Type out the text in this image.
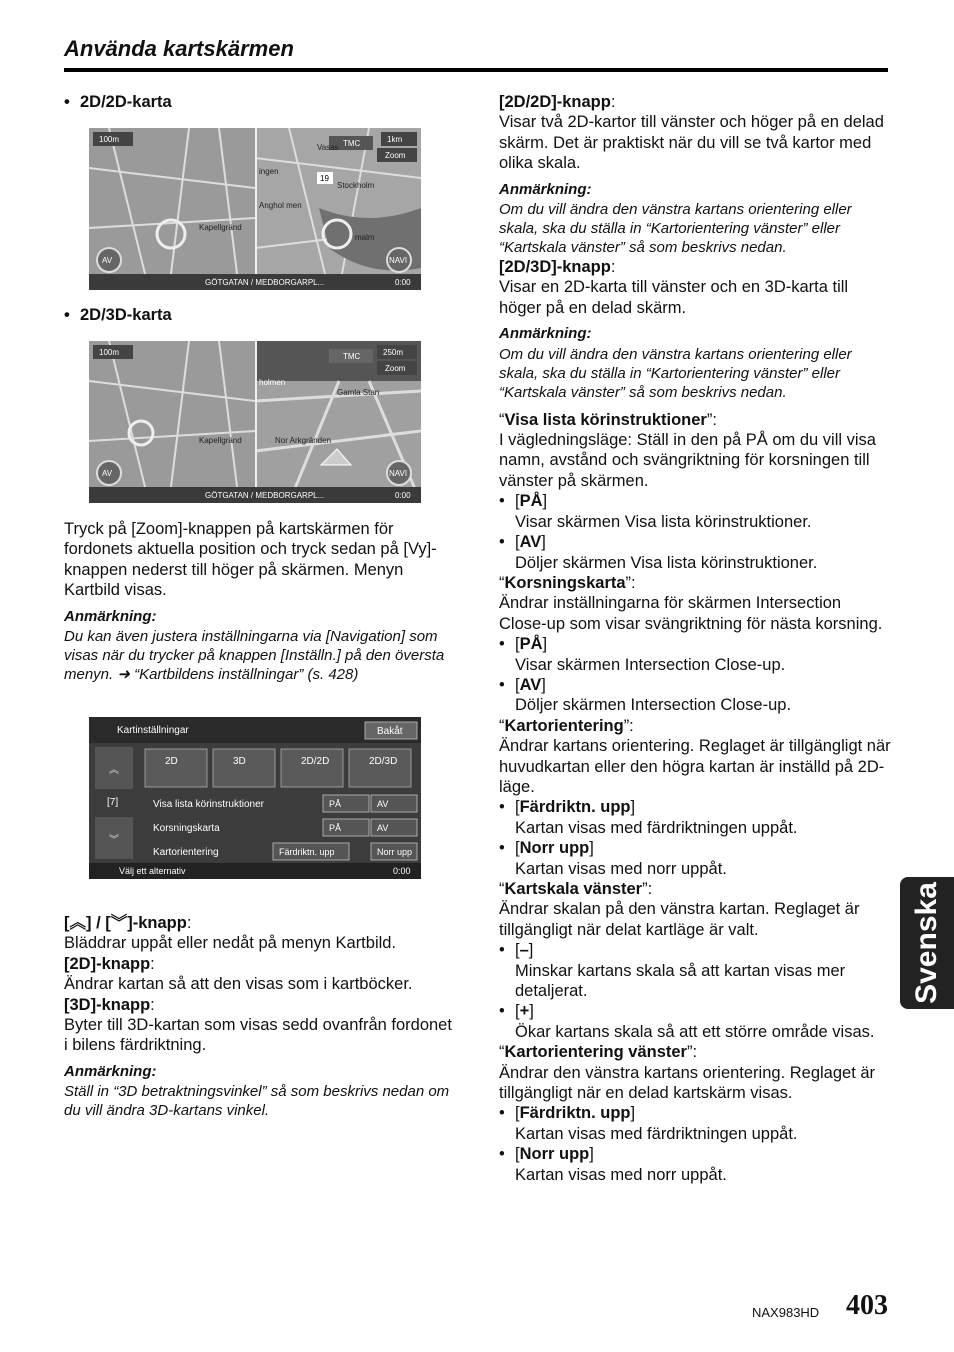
Använda kartskärmen

• 2D/2D-karta

100m	1km
TMC
Zoom
Vasas
ingen
19
Stockholm
Anghol men
Kapellgränd
malm
AV	NAVI
GÖTGATAN / MEDBORGARPL...	0:00

• 2D/3D-karta

100m	250m
TMC
Zoom
holmen
Gamla Stan
Kapellgränd	Nor Arkgränden
AV	NAVI
GÖTGATAN / MEDBORGARPL...	0:00

Tryck på [Zoom]-knappen på kartskärmen för fordonets aktuella position och tryck sedan på [Vy]-knappen nederst till höger på skärmen. Menyn Kartbild visas.

Anmärkning:

Du kan även justera inställningarna via [Navigation] som visas när du trycker på knappen [Inställn.] på den översta menyn. ➜ “Kartbildens inställningar” (s. 428)

Kartinställningar	Bakåt
︽
[7]
︾
2D	3D	2D/2D	2D/3D
Visa lista körinstruktioner	PÅ	AV
Korsningskarta	PÅ	AV
Kartorientering	Färdriktn. upp	Norr upp
Välj ett alternativ	0:00

[︽] / [︾]-knapp:

Bläddrar uppåt eller nedåt på menyn Kartbild.

[2D]-knapp:

Ändrar kartan så att den visas som i kartböcker.

[3D]-knapp:

Byter till 3D-kartan som visas sedd ovanfrån fordonet i bilens färdriktning.

Anmärkning:

Ställ in “3D betraktningsvinkel” så som beskrivs nedan om du vill ändra 3D-kartans vinkel.

[2D/2D]-knapp:

Visar två 2D-kartor till vänster och höger på en delad skärm. Det är praktiskt när du vill se två kartor med olika skala.

Anmärkning:

Om du vill ändra den vänstra kartans orientering eller skala, ska du ställa in “Kartorientering vänster” eller “Kartskala vänster” så som beskrivs nedan.

[2D/3D]-knapp:

Visar en 2D-karta till vänster och en 3D-karta till höger på en delad skärm.

Anmärkning:

Om du vill ändra den vänstra kartans orientering eller skala, ska du ställa in “Kartorientering vänster” eller “Kartskala vänster” så som beskrivs nedan.

“Visa lista körinstruktioner”:

I vägledningsläge: Ställ in den på PÅ om du vill visa namn, avstånd och svängriktning för korsningen till vänster på skärmen.

• [PÅ]

Visar skärmen Visa lista körinstruktioner.

• [AV]

Döljer skärmen Visa lista körinstruktioner.

“Korsningskarta”:

Ändrar inställningarna för skärmen Intersection Close-up som visar svängriktning för nästa korsning.

• [PÅ]

Visar skärmen Intersection Close-up.

• [AV]

Döljer skärmen Intersection Close-up.

“Kartorientering”:

Ändrar kartans orientering. Reglaget är tillgängligt när huvudkartan eller den högra kartan är inställd på 2D-läge.

• [Färdriktn. upp]

Kartan visas med färdriktningen uppåt.

• [Norr upp]

Kartan visas med norr uppåt.

“Kartskala vänster”:

Ändrar skalan på den vänstra kartan. Reglaget är tillgängligt när delat kartläge är valt.

• [–]

Minskar kartans skala så att kartan visas mer detaljerat.

• [+]

Ökar kartans skala så att ett större område visas.

“Kartorientering vänster”:

Ändrar den vänstra kartans orientering. Reglaget är tillgängligt när en delad kartskärm visas.

• [Färdriktn. upp]

Kartan visas med färdriktningen uppåt.

• [Norr upp]

Kartan visas med norr uppåt.

Svenska
NAX983HD 403
